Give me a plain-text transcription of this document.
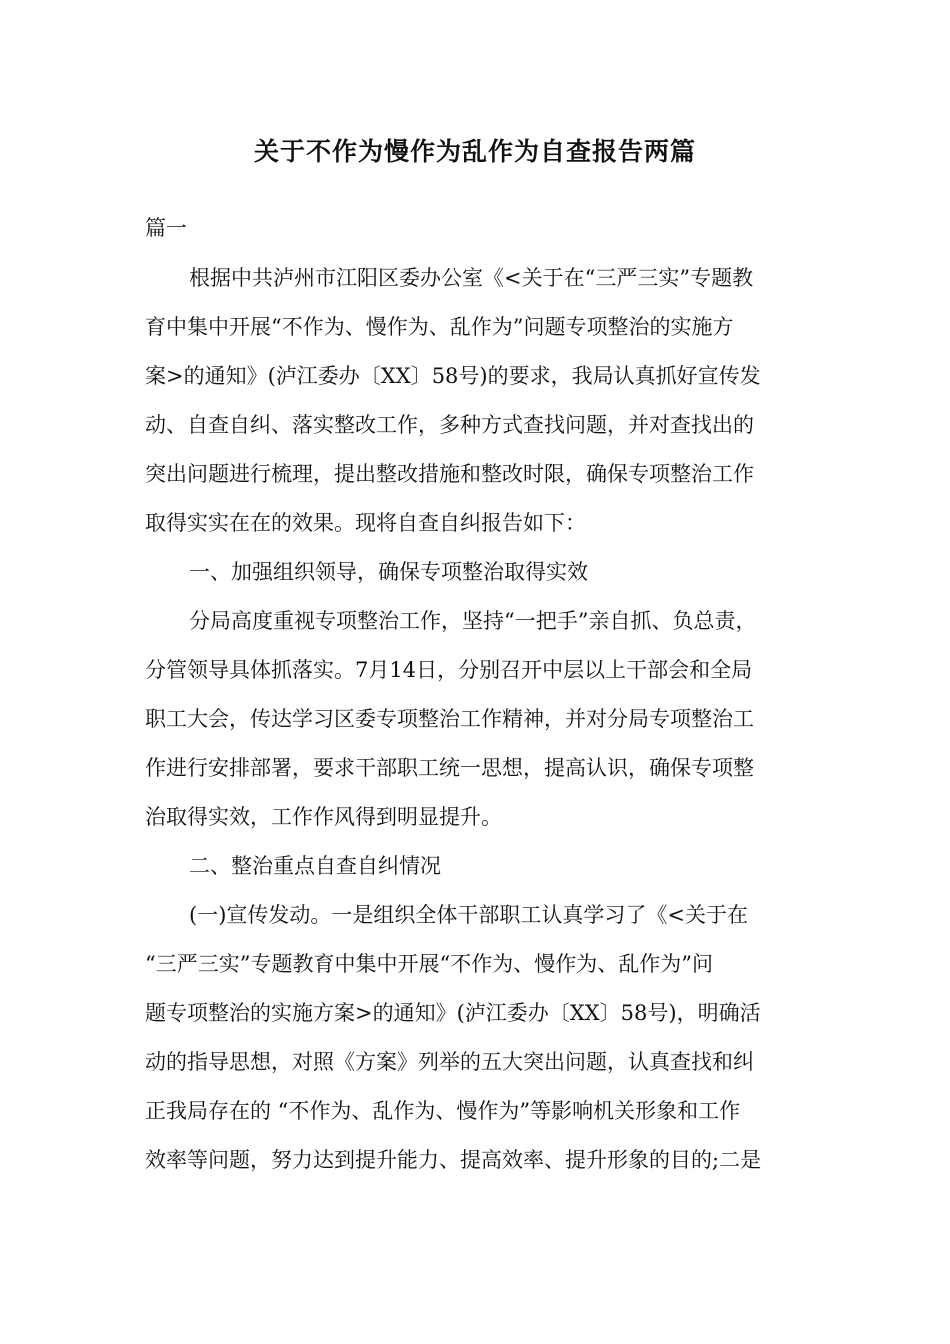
关于不作为慢作为乱作为自查报告两篇
篇一
根据中共泸州市江阳区委办公室《<关于在“三严三实”专题教
育中集中开展“不作为、慢作为、乱作为”问题专项整治的实施方
案>的通知》(泸江委办〔XX〕58号)的要求，我局认真抓好宣传发
动、自查自纠、落实整改工作，多种方式查找问题，并对查找出的
突出问题进行梳理，提出整改措施和整改时限，确保专项整治工作
取得实实在在的效果。现将自查自纠报告如下：
一、加强组织领导，确保专项整治取得实效
分局高度重视专项整治工作，坚持“一把手”亲自抓、负总责，
分管领导具体抓落实。7月14日，分别召开中层以上干部会和全局
职工大会，传达学习区委专项整治工作精神，并对分局专项整治工
作进行安排部署，要求干部职工统一思想，提高认识，确保专项整
治取得实效，工作作风得到明显提升。
二、整治重点自查自纠情况
(一)宣传发动。一是组织全体干部职工认真学习了《<关于在
“三严三实”专题教育中集中开展“不作为、慢作为、乱作为”问
题专项整治的实施方案>的通知》(泸江委办〔XX〕58号)，明确活
动的指导思想，对照《方案》列举的五大突出问题，认真查找和纠
正我局存在的 “不作为、乱作为、慢作为”等影响机关形象和工作
效率等问题，努力达到提升能力、提高效率、提升形象的目的;二是
